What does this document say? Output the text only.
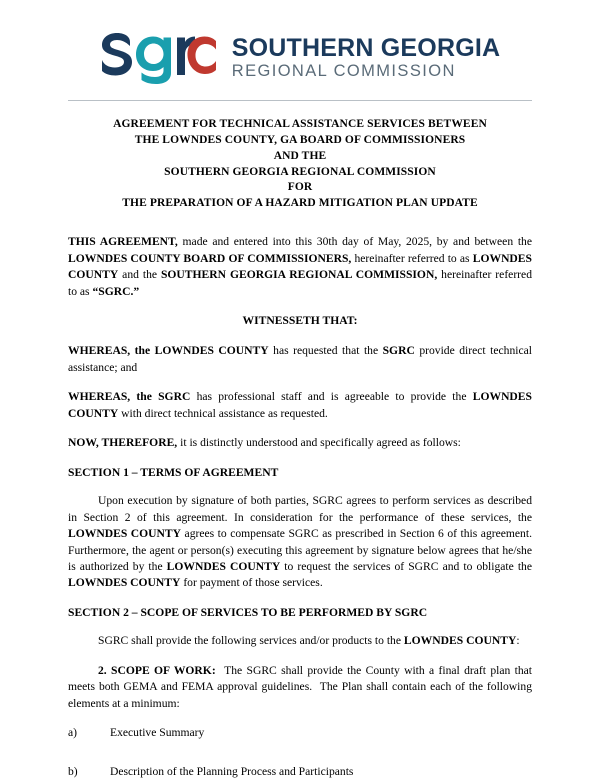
SOUTHERN GEORGIA
REGIONAL COMMISSION
AGREEMENT FOR TECHNICAL ASSISTANCE SERVICES BETWEEN
THE LOWNDES COUNTY, GA BOARD OF COMMISSIONERS
AND THE
SOUTHERN GEORGIA REGIONAL COMMISSION
FOR
THE PREPARATION OF A HAZARD MITIGATION PLAN UPDATE

THIS AGREEMENT, made and entered into this 30th day of May, 2025, by and between the LOWNDES COUNTY BOARD OF COMMISSIONERS, hereinafter referred to as LOWNDES COUNTY and the SOUTHERN GEORGIA REGIONAL COMMISSION, hereinafter referred to as “SGRC.”

WITNESSETH THAT:

WHEREAS, the LOWNDES COUNTY has requested that the SGRC provide direct technical assistance; and

WHEREAS, the SGRC has professional staff and is agreeable to provide the LOWNDES COUNTY with direct technical assistance as requested.

NOW, THEREFORE, it is distinctly understood and specifically agreed as follows:

SECTION 1 – TERMS OF AGREEMENT

Upon execution by signature of both parties, SGRC agrees to perform services as described in Section 2 of this agreement. In consideration for the performance of these services, the LOWNDES COUNTY agrees to compensate SGRC as prescribed in Section 6 of this agreement. Furthermore, the agent or person(s) executing this agreement by signature below agrees that he/she is authorized by the LOWNDES COUNTY to request the services of SGRC and to obligate the LOWNDES COUNTY for payment of those services.

SECTION 2 – SCOPE OF SERVICES TO BE PERFORMED BY SGRC

SGRC shall provide the following services and/or products to the LOWNDES COUNTY:

2. SCOPE OF WORK:  The SGRC shall provide the County with a final draft plan that meets both GEMA and FEMA approval guidelines.  The Plan shall contain each of the following elements at a minimum:

a)	Executive Summary
b)	Description of the Planning Process and Participants
